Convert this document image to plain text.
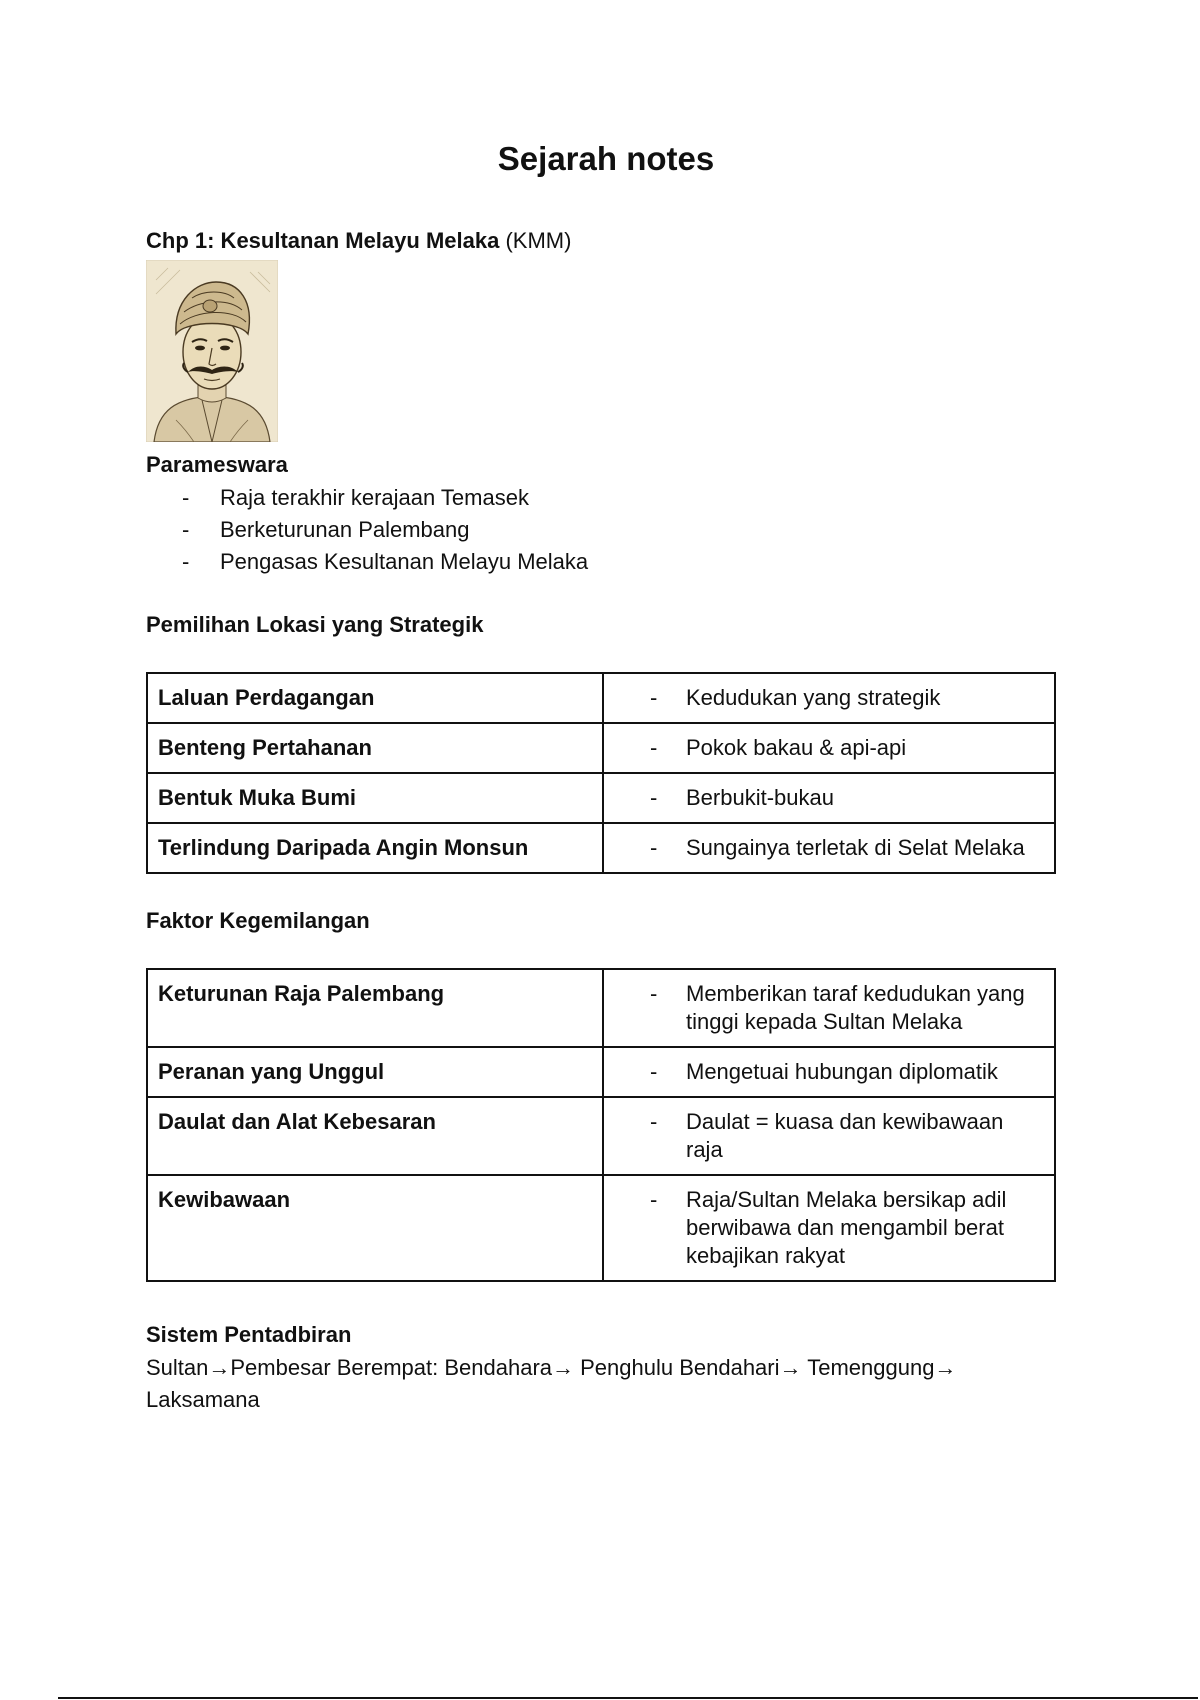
Sejarah notes

Chp 1: Kesultanan Melayu Melaka (KMM)

Parameswara

- Raja terakhir kerajaan Temasek
- Berketurunan Palembang
- Pengasas Kesultanan Melayu Melaka

Pemilihan Lokasi yang Strategik

Laluan Perdagangan	- Kedudukan yang strategik

Benteng Pertahanan	- Pokok bakau & api-api

Bentuk Muka Bumi	- Berbukit-bukau

Terlindung Daripada Angin Monsun	- Sungainya terletak di Selat Melaka

Faktor Kegemilangan

Keturunan Raja Palembang	- Memberikan taraf kedudukan yang tinggi kepada Sultan Melaka

Peranan yang Unggul	- Mengetuai hubungan diplomatik

Daulat dan Alat Kebesaran	- Daulat = kuasa dan kewibawaan raja

Kewibawaan	- Raja/Sultan Melaka bersikap adil berwibawa dan mengambil berat kebajikan rakyat

Sistem Pentadbiran

Sultan→Pembesar Berempat: Bendahara→ Penghulu Bendahari→ Temenggung→ Laksamana
